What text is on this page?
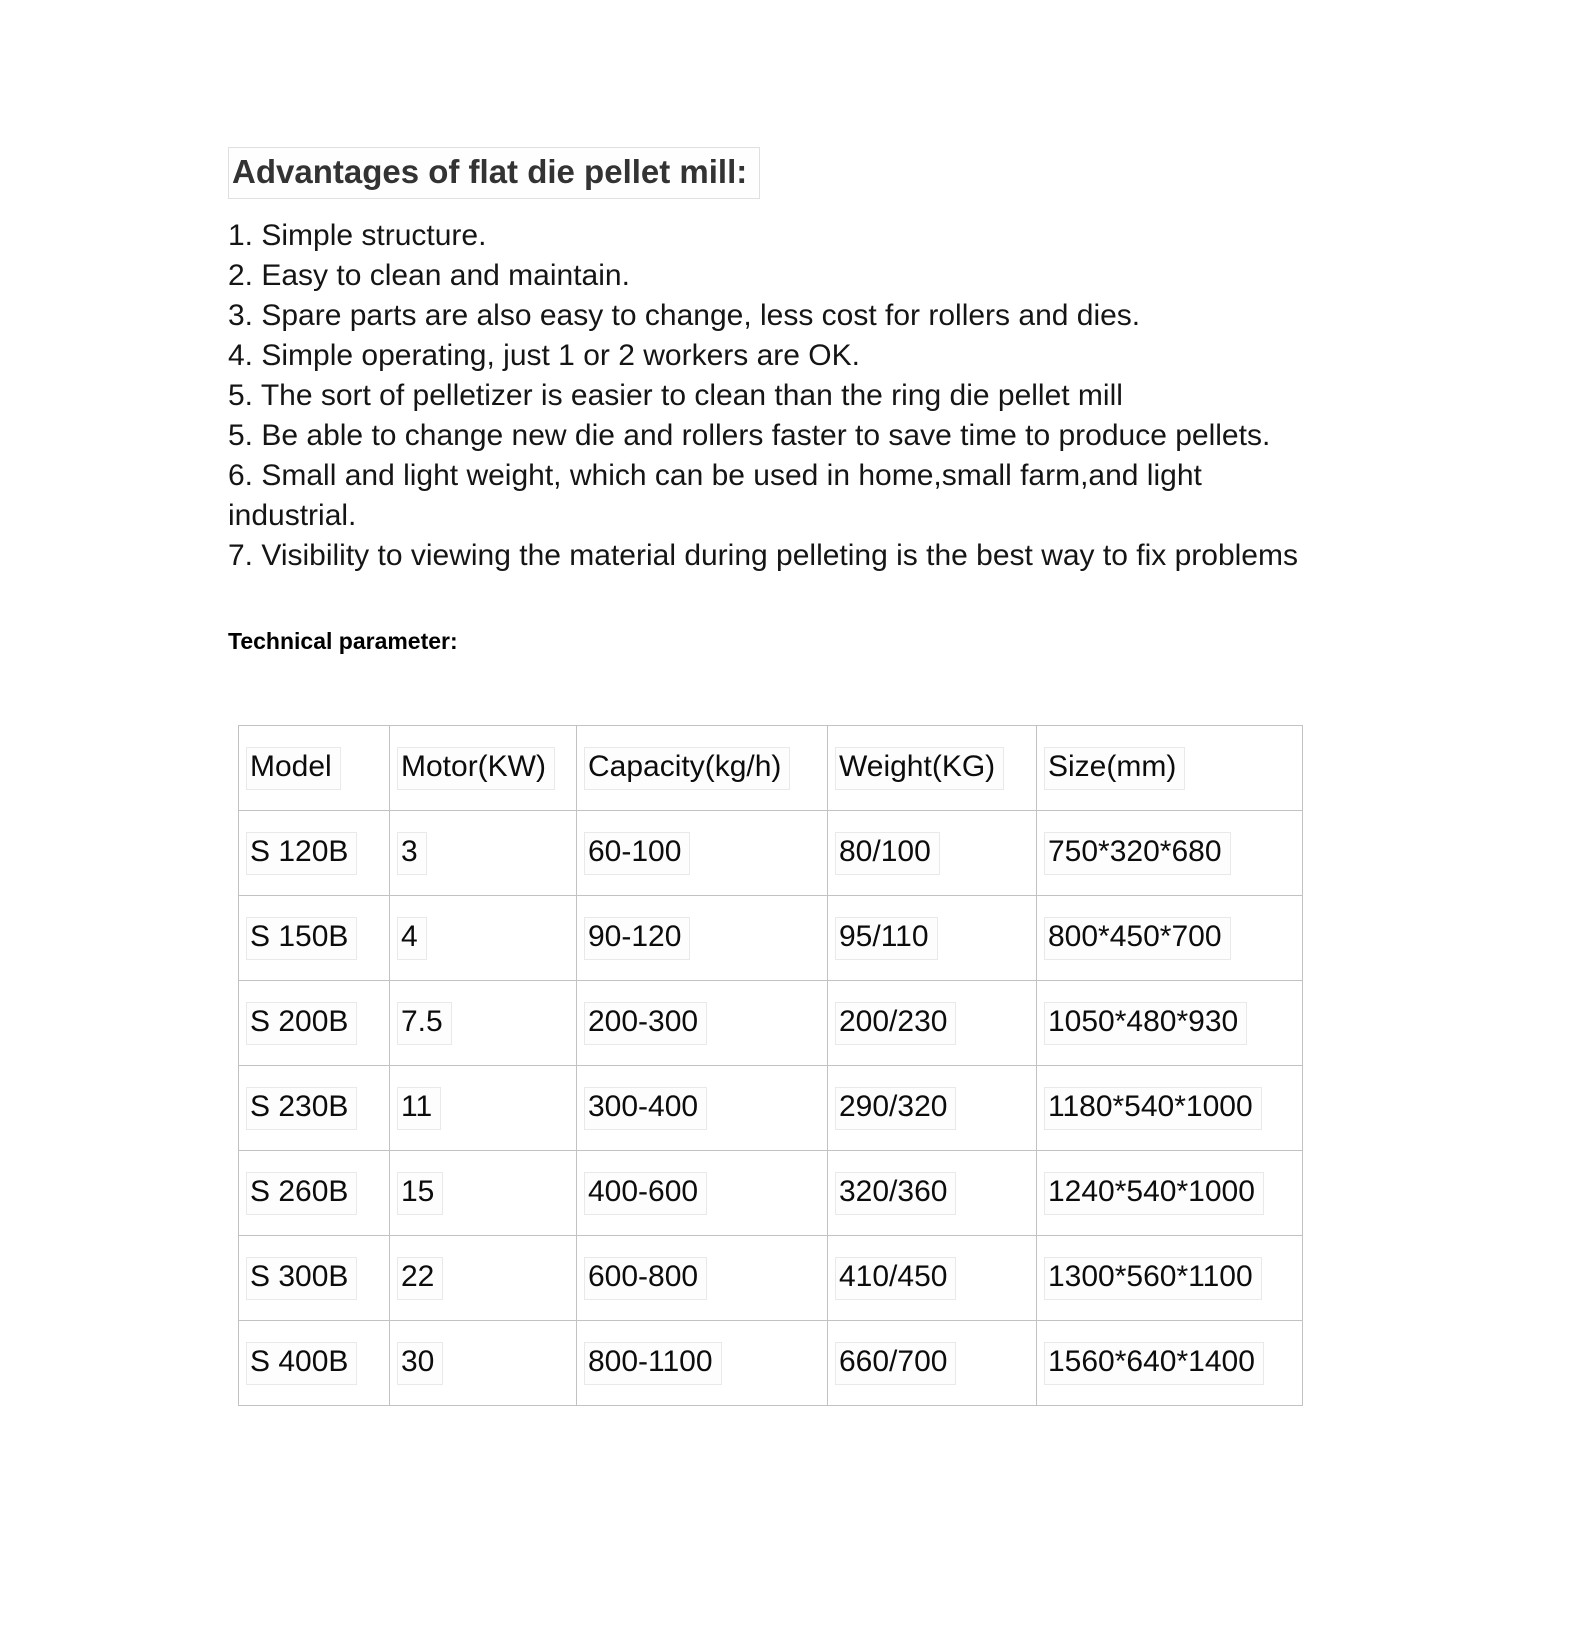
Advantages of flat die pellet mill:

1. Simple structure.

2. Easy to clean and maintain.

3. Spare parts are also easy to change, less cost for rollers and dies.

4. Simple operating, just 1 or 2 workers are OK.

5. The sort of pelletizer is easier to clean than the ring die pellet mill

5. Be able to change new die and rollers faster to save time to produce pellets.

6. Small and light weight, which can be used in home,small farm,and light industrial.

7. Visibility to viewing the material during pelleting is the best way to fix problems

Technical parameter:
Model	Motor(KW)	Capacity(kg/h)	Weight(KG)	Size(mm)
S 120B	3	60-100	80/100	750*320*680
S 150B	4	90-120	95/110	800*450*700
S 200B	7.5	200-300	200/230	1050*480*930
S 230B	11	300-400	290/320	1180*540*1000
S 260B	15	400-600	320/360	1240*540*1000
S 300B	22	600-800	410/450	1300*560*1100
S 400B	30	800-1100	660/700	1560*640*1400
